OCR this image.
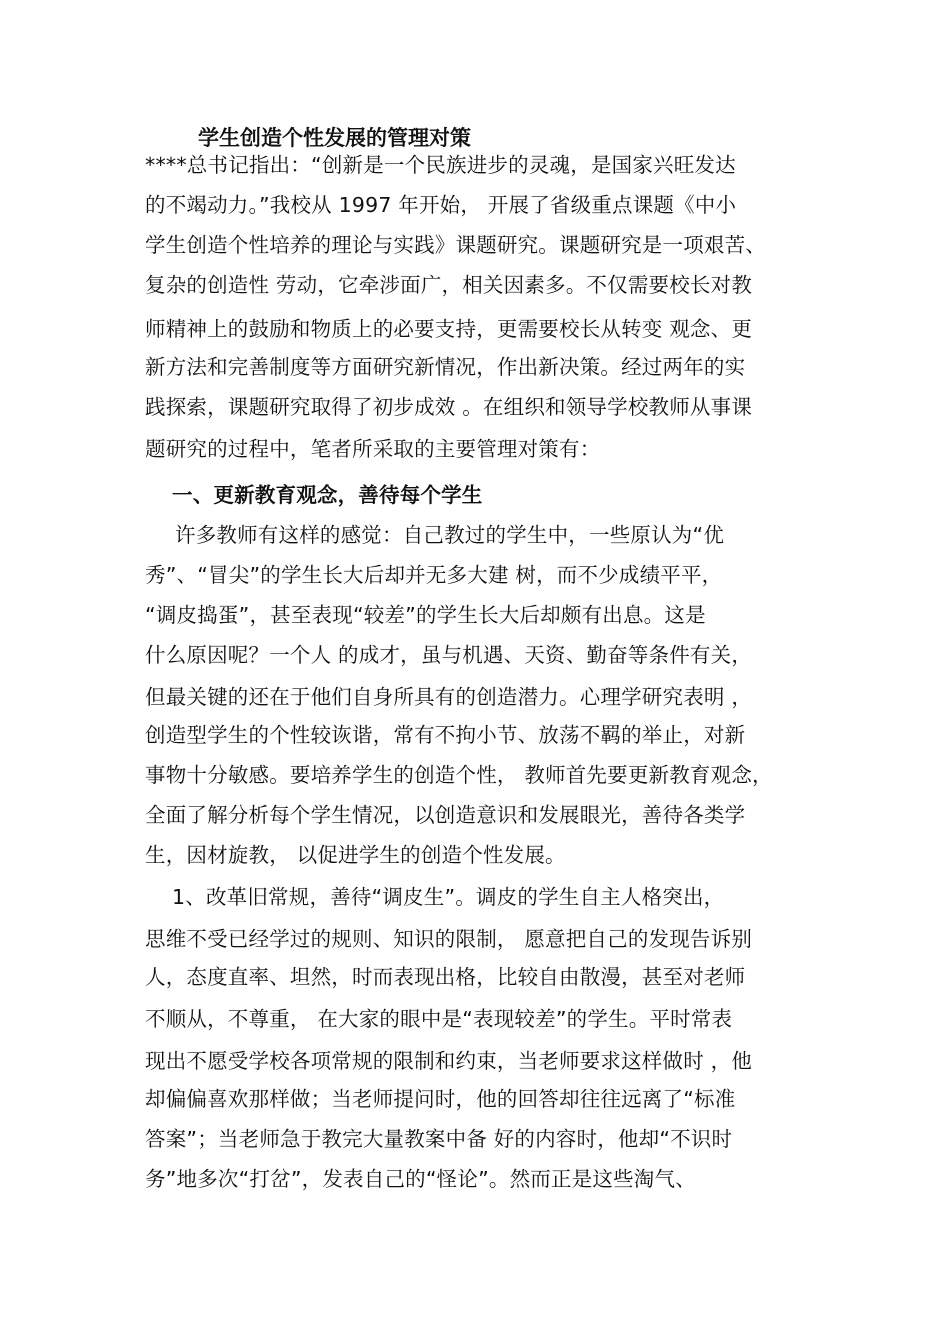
学生创造个性发展的管理对策
****总书记指出：“创新是一个民族进步的灵魂，是国家兴旺发达
的不竭动力。”我校从 1997 年开始， 开展了省级重点课题《中小
学生创造个性培养的理论与实践》课题研究。课题研究是一项艰苦、
复杂的创造性 劳动，它牵涉面广，相关因素多。不仅需要校长对教
师精神上的鼓励和物质上的必要支持，更需要校长从转变 观念、更
新方法和完善制度等方面研究新情况，作出新决策。经过两年的实
践探索，课题研究取得了初步成效 。在组织和领导学校教师从事课
题研究的过程中，笔者所采取的主要管理对策有：
一、更新教育观念，善待每个学生
许多教师有这样的感觉：自己教过的学生中，一些原认为“优
秀”、“冒尖”的学生长大后却并无多大建 树，而不少成绩平平，
“调皮捣蛋”，甚至表现“较差”的学生长大后却颇有出息。这是
什么原因呢？一个人 的成才，虽与机遇、天资、勤奋等条件有关，
但最关键的还在于他们自身所具有的创造潜力。心理学研究表明 ，
创造型学生的个性较诙谐，常有不拘小节、放荡不羁的举止，对新
事物十分敏感。要培养学生的创造个性， 教师首先要更新教育观念，
全面了解分析每个学生情况，以创造意识和发展眼光，善待各类学
生，因材旋教， 以促进学生的创造个性发展。
1、改革旧常规，善待“调皮生”。调皮的学生自主人格突出，
思维不受已经学过的规则、知识的限制， 愿意把自己的发现告诉别
人，态度直率、坦然，时而表现出格，比较自由散漫，甚至对老师
不顺从，不尊重， 在大家的眼中是“表现较差”的学生。平时常表
现出不愿受学校各项常规的限制和约束，当老师要求这样做时 ，他
却偏偏喜欢那样做；当老师提问时，他的回答却往往远离了“标准
答案”；当老师急于教完大量教案中备 好的内容时，他却“不识时
务”地多次“打岔”，发表自己的“怪论”。然而正是这些淘气、
